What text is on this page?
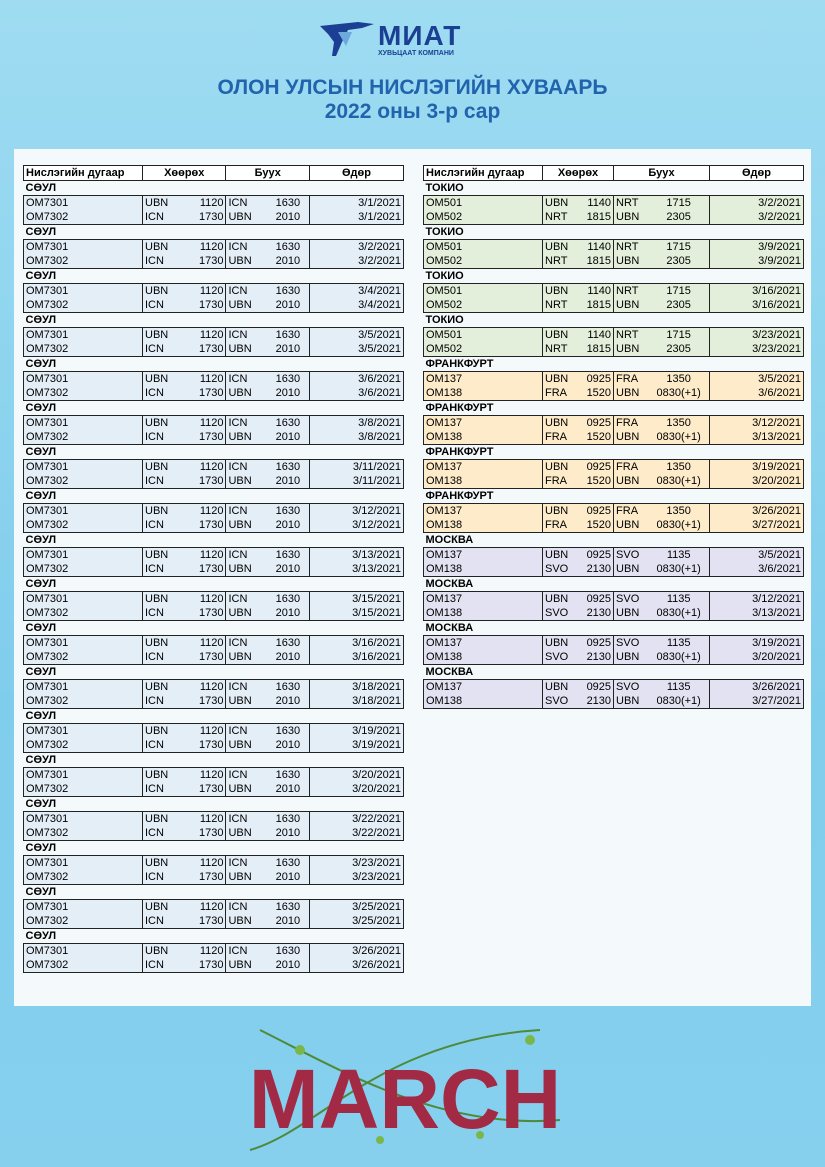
МИАТ
ХУВЬЦААТ КОМПАНИ
ОЛОН УЛСЫН НИСЛЭГИЙН ХУВААРЬ
2022 оны 3-р сар
Нислэгийн дугаар	Хөөрөх		Буух		Өдөр
СӨУЛ					
OM7301	UBN	1120	ICN	1630	3/1/2021
OM7302	ICN	1730	UBN	2010	3/1/2021
СӨУЛ					
OM7301	UBN	1120	ICN	1630	3/2/2021
OM7302	ICN	1730	UBN	2010	3/2/2021
СӨУЛ					
OM7301	UBN	1120	ICN	1630	3/4/2021
OM7302	ICN	1730	UBN	2010	3/4/2021
СӨУЛ					
OM7301	UBN	1120	ICN	1630	3/5/2021
OM7302	ICN	1730	UBN	2010	3/5/2021
СӨУЛ					
OM7301	UBN	1120	ICN	1630	3/6/2021
OM7302	ICN	1730	UBN	2010	3/6/2021
СӨУЛ					
OM7301	UBN	1120	ICN	1630	3/8/2021
OM7302	ICN	1730	UBN	2010	3/8/2021
СӨУЛ					
OM7301	UBN	1120	ICN	1630	3/11/2021
OM7302	ICN	1730	UBN	2010	3/11/2021
СӨУЛ					
OM7301	UBN	1120	ICN	1630	3/12/2021
OM7302	ICN	1730	UBN	2010	3/12/2021
СӨУЛ					
OM7301	UBN	1120	ICN	1630	3/13/2021
OM7302	ICN	1730	UBN	2010	3/13/2021
СӨУЛ					
OM7301	UBN	1120	ICN	1630	3/15/2021
OM7302	ICN	1730	UBN	2010	3/15/2021
СӨУЛ					
OM7301	UBN	1120	ICN	1630	3/16/2021
OM7302	ICN	1730	UBN	2010	3/16/2021
СӨУЛ					
OM7301	UBN	1120	ICN	1630	3/18/2021
OM7302	ICN	1730	UBN	2010	3/18/2021
СӨУЛ					
OM7301	UBN	1120	ICN	1630	3/19/2021
OM7302	ICN	1730	UBN	2010	3/19/2021
СӨУЛ					
OM7301	UBN	1120	ICN	1630	3/20/2021
OM7302	ICN	1730	UBN	2010	3/20/2021
СӨУЛ					
OM7301	UBN	1120	ICN	1630	3/22/2021
OM7302	ICN	1730	UBN	2010	3/22/2021
СӨУЛ					
OM7301	UBN	1120	ICN	1630	3/23/2021
OM7302	ICN	1730	UBN	2010	3/23/2021
СӨУЛ					
OM7301	UBN	1120	ICN	1630	3/25/2021
OM7302	ICN	1730	UBN	2010	3/25/2021
СӨУЛ					
OM7301	UBN	1120	ICN	1630	3/26/2021
OM7302	ICN	1730	UBN	2010	3/26/2021
Нислэгийн дугаар	Хөөрөх		Буух		Өдөр
ТОКИО					
OM501	UBN	1140	NRT	1715	3/2/2021
OM502	NRT	1815	UBN	2305	3/2/2021
ТОКИО					
OM501	UBN	1140	NRT	1715	3/9/2021
OM502	NRT	1815	UBN	2305	3/9/2021
ТОКИО					
OM501	UBN	1140	NRT	1715	3/16/2021
OM502	NRT	1815	UBN	2305	3/16/2021
ТОКИО					
OM501	UBN	1140	NRT	1715	3/23/2021
OM502	NRT	1815	UBN	2305	3/23/2021
ФРАНКФУРТ					
OM137	UBN	0925	FRA	1350	3/5/2021
OM138	FRA	1520	UBN	0830(+1)	3/6/2021
ФРАНКФУРТ					
OM137	UBN	0925	FRA	1350	3/12/2021
OM138	FRA	1520	UBN	0830(+1)	3/13/2021
ФРАНКФУРТ					
OM137	UBN	0925	FRA	1350	3/19/2021
OM138	FRA	1520	UBN	0830(+1)	3/20/2021
ФРАНКФУРТ					
OM137	UBN	0925	FRA	1350	3/26/2021
OM138	FRA	1520	UBN	0830(+1)	3/27/2021
МОСКВА					
OM137	UBN	0925	SVO	1135	3/5/2021
OM138	SVO	2130	UBN	0830(+1)	3/6/2021
МОСКВА					
OM137	UBN	0925	SVO	1135	3/12/2021
OM138	SVO	2130	UBN	0830(+1)	3/13/2021
МОСКВА					
OM137	UBN	0925	SVO	1135	3/19/2021
OM138	SVO	2130	UBN	0830(+1)	3/20/2021
МОСКВА					
OM137	UBN	0925	SVO	1135	3/26/2021
OM138	SVO	2130	UBN	0830(+1)	3/27/2021
MARCH
